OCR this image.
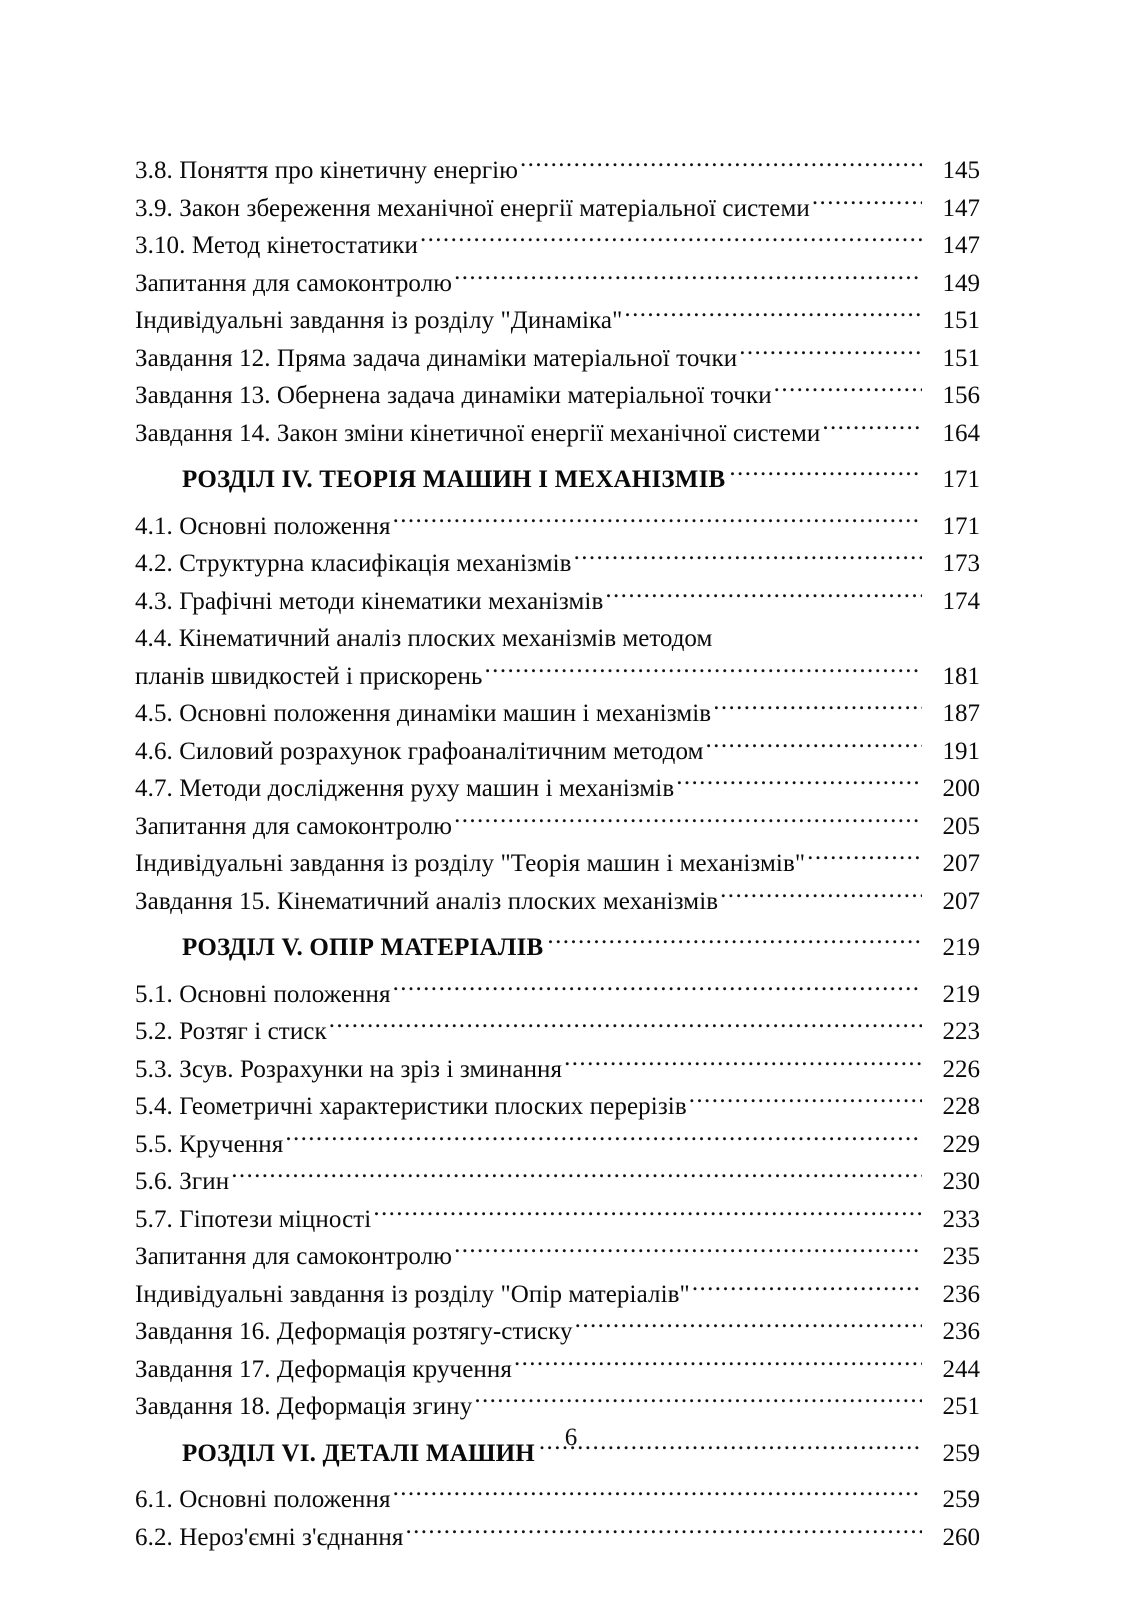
3.8. Поняття про кінетичну енергію .....	145
3.9. Закон збереження механічної енергії матеріальної системи .....	147
3.10. Метод кінетостатики .....	147
Запитання для самоконтролю .....	149
Індивідуальні завдання із розділу "Динаміка" .....	151
Завдання 12. Пряма задача динаміки матеріальної точки .....	151
Завдання 13. Обернена задача динаміки матеріальної точки .....	156
Завдання 14. Закон зміни кінетичної енергії механічної системи .....	164
РОЗДІЛ IV. ТЕОРІЯ МАШИН І МЕХАНІЗМІВ .....	171
4.1. Основні положення .....	171
4.2. Структурна класифікація механізмів .....	173
4.3. Графічні методи кінематики механізмів .....	174
4.4. Кінематичний аналіз плоских механізмів методом
планів швидкостей і прискорень .....	181
4.5. Основні положення динаміки машин і механізмів .....	187
4.6. Силовий розрахунок графоаналітичним методом .....	191
4.7. Методи дослідження руху машин і механізмів .....	200
Запитання для самоконтролю .....	205
Індивідуальні завдання із розділу "Теорія машин і механізмів" .....	207
Завдання 15. Кінематичний аналіз плоских механізмів .....	207
РОЗДІЛ V. ОПІР МАТЕРІАЛІВ .....	219
5.1. Основні положення .....	219
5.2. Розтяг і стиск .....	223
5.3. Зсув. Розрахунки на зріз і зминання .....	226
5.4. Геометричні характеристики плоских перерізів .....	228
5.5. Кручення .....	229
5.6. Згин .....	230
5.7. Гіпотези міцності .....	233
Запитання для самоконтролю .....	235
Індивідуальні завдання із розділу "Опір матеріалів" .....	236
Завдання 16. Деформація розтягу-стиску .....	236
Завдання 17. Деформація кручення .....	244
Завдання 18. Деформація згину .....	251
РОЗДІЛ VI. ДЕТАЛІ МАШИН .....	259
6.1. Основні положення .....	259
6.2. Нероз'ємні з'єднання .....	260
6
